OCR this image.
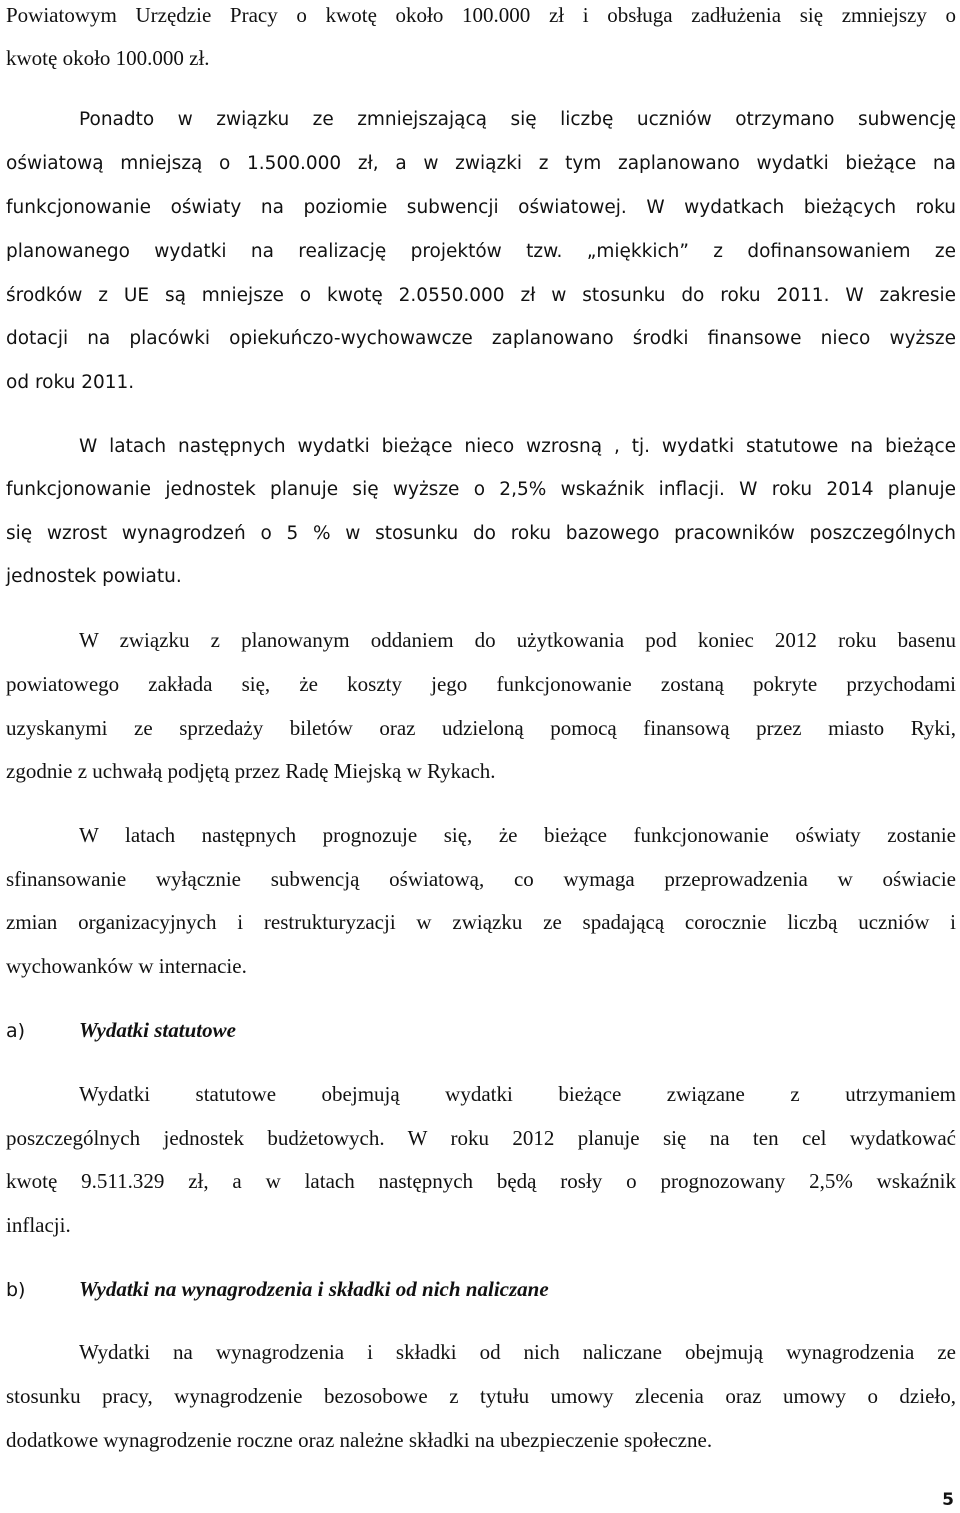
Powiatowym Urzędzie Pracy o kwotę około 100.000 zł i obsługa zadłużenia się zmniejszy o
kwotę około 100.000 zł.
Ponadto w związku ze zmniejszającą się liczbę uczniów otrzymano subwencję
oświatową mniejszą o 1.500.000 zł, a w związki z tym zaplanowano wydatki bieżące na
funkcjonowanie oświaty na poziomie subwencji oświatowej. W wydatkach bieżących roku
planowanego wydatki na realizację projektów tzw. „miękkich” z dofinansowaniem ze
środków z UE są mniejsze o kwotę 2.0550.000 zł w stosunku do roku 2011. W zakresie
dotacji na placówki opiekuńczo-wychowawcze zaplanowano środki finansowe nieco wyższe
od roku 2011.
W latach następnych wydatki bieżące nieco wzrosną , tj. wydatki statutowe na bieżące
funkcjonowanie jednostek planuje się wyższe o 2,5% wskaźnik inflacji. W roku 2014 planuje
się wzrost wynagrodzeń o 5 % w stosunku do roku bazowego pracowników poszczególnych
jednostek powiatu.
W związku z planowanym oddaniem do użytkowania pod koniec 2012 roku basenu
powiatowego zakłada się, że koszty jego funkcjonowanie zostaną pokryte przychodami
uzyskanymi ze sprzedaży biletów oraz udzieloną pomocą finansową przez miasto Ryki,
zgodnie z uchwałą podjętą przez Radę Miejską w Rykach.
W latach następnych prognozuje się, że bieżące funkcjonowanie oświaty zostanie
sfinansowanie wyłącznie subwencją oświatową, co wymaga przeprowadzenia w oświacie
zmian organizacyjnych i restrukturyzacji w związku ze spadającą corocznie liczbą uczniów i
wychowanków w internacie.
a)	Wydatki statutowe
Wydatki statutowe obejmują wydatki bieżące związane z utrzymaniem
poszczególnych jednostek budżetowych. W roku 2012 planuje się na ten cel wydatkować
kwotę 9.511.329 zł, a w latach następnych będą rosły o prognozowany 2,5% wskaźnik
inflacji.
b)	Wydatki na wynagrodzenia i składki od nich naliczane
Wydatki na wynagrodzenia i składki od nich naliczane obejmują wynagrodzenia ze
stosunku pracy, wynagrodzenie bezosobowe z tytułu umowy zlecenia oraz umowy o dzieło,
dodatkowe wynagrodzenie roczne oraz należne składki na ubezpieczenie społeczne.
5
